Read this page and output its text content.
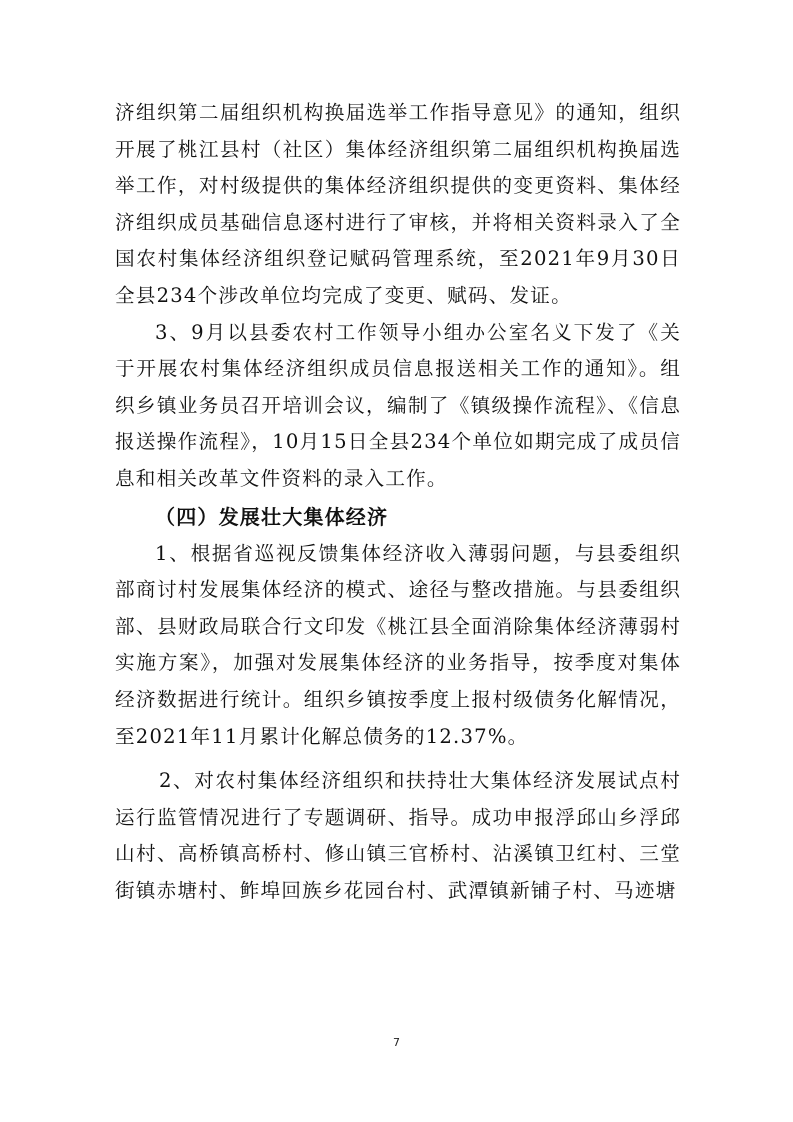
济组织第二届组织机构换届选举工作指导意见》的通知，组织开展了桃江县村（社区）集体经济组织第二届组织机构换届选举工作，对村级提供的集体经济组织提供的变更资料、集体经济组织成员基础信息逐村进行了审核，并将相关资料录入了全国农村集体经济组织登记赋码管理系统，至2021年9月30日全县234个涉改单位均完成了变更、赋码、发证。

3、9月以县委农村工作领导小组办公室名义下发了《关于开展农村集体经济组织成员信息报送相关工作的通知》。组织乡镇业务员召开培训会议，编制了《镇级操作流程》、《信息报送操作流程》，10月15日全县234个单位如期完成了成员信息和相关改革文件资料的录入工作。

（四）发展壮大集体经济

1、根据省巡视反馈集体经济收入薄弱问题，与县委组织部商讨村发展集体经济的模式、途径与整改措施。与县委组织部、县财政局联合行文印发《桃江县全面消除集体经济薄弱村实施方案》，加强对发展集体经济的业务指导，按季度对集体经济数据进行统计。组织乡镇按季度上报村级债务化解情况，至2021年11月累计化解总债务的12.37%。

2、对农村集体经济组织和扶持壮大集体经济发展试点村运行监管情况进行了专题调研、指导。成功申报浮邱山乡浮邱山村、高桥镇高桥村、修山镇三官桥村、沾溪镇卫红村、三堂街镇赤塘村、鲊埠回族乡花园台村、武潭镇新铺子村、马迹塘

7
